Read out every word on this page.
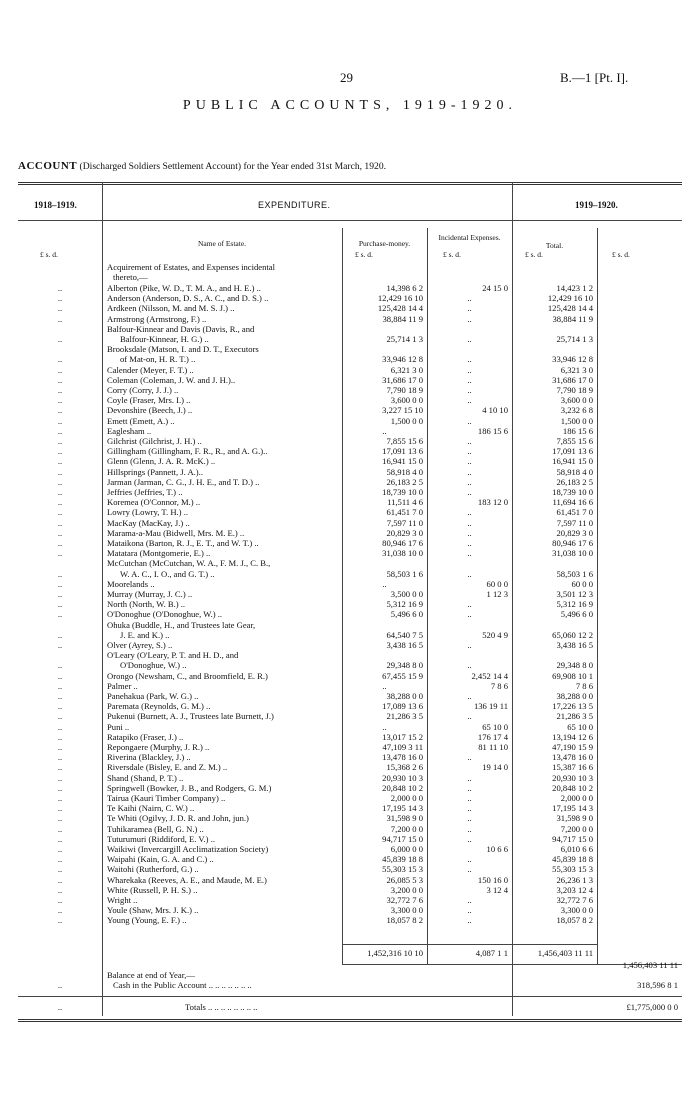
29	B.—1 [Pt. I].
PUBLIC ACCOUNTS, 1919-1920.
ACCOUNT (Discharged Soldiers Settlement Account) for the Year ended 31st March, 1920.
1918–1919.	EXPENDITURE.	1919–1920.
Name of Estate.	Purchase-money.
Incidental Expenses.
Total.
£ s. d.	£ s. d.	£ s. d.	£ s. d.	£ s. d.
Acquirement of Estates, and Expenses incidental
thereto,—
Alberton (Pike, W. D., T. M. A., and H. E.) ..
..	14,398 6 2	24 15 0	14,423 1 2
Anderson (Anderson, D. S., A. C., and D. S.) ..
..	12,429 16 10	..	12,429 16 10
Ardkeen (Nilsson, M. and M. S. J.) ..
..	125,428 14 4	..	125,428 14 4
Armstrong (Armstrong, F.) ..
..	38,884 11 9	..	38,884 11 9
Balfour-Kinnear and Davis (Davis, R., and
Balfour-Kinnear, H. G.) ..
..	25,714 1 3	..	25,714 1 3
Brooksdale (Matson, I. and D. T., Executors
of Mat-on, H. R. T.) ..
..	33,946 12 8	..	33,946 12 8
Calender (Meyer, F. T.) ..
..	6,321 3 0	..	6,321 3 0
Coleman (Coleman, J. W. and J. H.)..
..	31,686 17 0	..	31,686 17 0
Corry (Corry, J. J.) ..
..	7,790 18 9	..	7,790 18 9
Coyle (Fraser, Mrs. I.) ..
..	3,600 0 0	..	3,600 0 0
Devonshire (Beech, J.) ..
..	3,227 15 10	4 10 10	3,232 6 8
Emett (Emett, A.) ..
..	1,500 0 0	..	1,500 0 0
Eaglesham ..
..	..	186 15 6	186 15 6
Gilchrist (Gilchrist, J. H.) ..
..	7,855 15 6	..	7,855 15 6
Gillingham (Gillingham, F. R., R., and A. G.)..
..	17,091 13 6	..	17,091 13 6
Glenn (Glenn, J. A. R. McK.) ..
..	16,941 15 0	..	16,941 15 0
Hillsprings (Pannett, J. A.)..
..	58,918 4 0	..	58,918 4 0
Jarman (Jarman, C. G., J. H. E., and T. D.) ..
..	26,183 2 5	..	26,183 2 5
Jeffries (Jeffries, T.) ..
..	18,739 10 0	..	18,739 10 0
Koremea (O'Connor, M.) ..
..	11,511 4 6	183 12 0	11,694 16 6
Lowry (Lowry, T. H.) ..
..	61,451 7 0	..	61,451 7 0
MacKay (MacKay, J.) ..
..	7,597 11 0	..	7,597 11 0
Marama-a-Mau (Bidwell, Mrs. M. E.) ..
..	20,829 3 0	..	20,829 3 0
Mataikona (Barton, R. J., E. T., and W. T.) ..
..	80,946 17 6	..	80,946 17 6
Matatara (Montgomerie, E.) ..
..	31,038 10 0	..	31,038 10 0
McCutchan (McCutchan, W. A., F. M. J., C. B.,
W. A. C., I. O., and G. T.) ..
..	58,503 1 6	..	58,503 1 6
Moorelands ..
..	..	60 0 0	60 0 0
Murray (Murray, J. C.) ..
..	3,500 0 0	1 12 3	3,501 12 3
North (North, W. B.) ..
..	5,312 16 9	..	5,312 16 9
O'Donoghue (O'Donoghue, W.) ..
..	5,496 6 0	..	5,496 6 0
Ohuka (Buddle, H., and Trustees late Gear,
J. E. and K.) ..
..	64,540 7 5	520 4 9	65,060 12 2
Olver (Ayrey, S.) ..
..	3,438 16 5	..	3,438 16 5
O'Leary (O'Leary, P. T. and H. D., and
O'Donoghue, W.) ..
..	29,348 8 0	..	29,348 8 0
Orongo (Newsham, C., and Broomfield, E. R.)
..	67,455 15 9	2,452 14 4	69,908 10 1
Palmer ..
..	..	7 8 6	7 8 6
Panehakua (Park, W. G.) ..
..	38,288 0 0	..	38,288 0 0
Paremata (Reynolds, G. M.) ..
..	17,089 13 6	136 19 11	17,226 13 5
Pukenui (Burnett, A. J., Trustees late Burnett, J.)
..	21,286 3 5	..	21,286 3 5
Puni ..
..	..	65 10 0	65 10 0
Ratapiko (Fraser, J.) ..
..	13,017 15 2	176 17 4	13,194 12 6
Repongaere (Murphy, J. R.) ..
..	47,109 3 11	81 11 10	47,190 15 9
Riverina (Blackley, J.) ..
..	13,478 16 0	..	13,478 16 0
Riversdale (Bisley, E. and Z. M.) ..
..	15,368 2 6	19 14 0	15,387 16 6
Shand (Shand, P. T.) ..
..	20,930 10 3	..	20,930 10 3
Springwell (Bowker, J. B., and Rodgers, G. M.)
..	20,848 10 2	..	20,848 10 2
Tairua (Kauri Timber Company) ..
..	2,000 0 0	..	2,000 0 0
Te Kaihi (Nairn, C. W.) ..
..	17,195 14 3	..	17,195 14 3
Te Whiti (Ogilvy, J. D. R. and John, jun.)
..	31,598 9 0	..	31,598 9 0
Tuhikaramea (Bell, G. N.) ..
..	7,200 0 0	..	7,200 0 0
Tuturumuri (Riddiford, E. V.) ..
..	94,717 15 0	..	94,717 15 0
Waikiwi (Invercargill Acclimatization Society)
..	6,000 0 0	10 6 6	6,010 6 6
Waipahi (Kain, G. A. and C.) ..
..	45,839 18 8	..	45,839 18 8
Waitohi (Rutherford, G.) ..
..	55,303 15 3	..	55,303 15 3
Wharekaka (Reeves, A. E., and Maude, M. E.)
..	26,085 5 3	150 16 0	26,236 1 3
White (Russell, P. H. S.) ..
..	3,200 0 0	3 12 4	3,203 12 4
Wright ..
..	32,772 7 6	..	32,772 7 6
Youle (Shaw, Mrs. J. K.) ..
..	3,300 0 0	..	3,300 0 0
Young (Young, E. F.) ..
..	18,057 8 2	..	18,057 8 2
1,452,316 10 10	4,087 1 1	1,456,403 11 11
1,456,403 11 11
Balance at end of Year,—
Cash in the Public Account .. .. .. .. .. .. ..
..	318,596 8 1
..	Totals .. .. .. .. .. .. .. ..	£1,775,000 0 0
